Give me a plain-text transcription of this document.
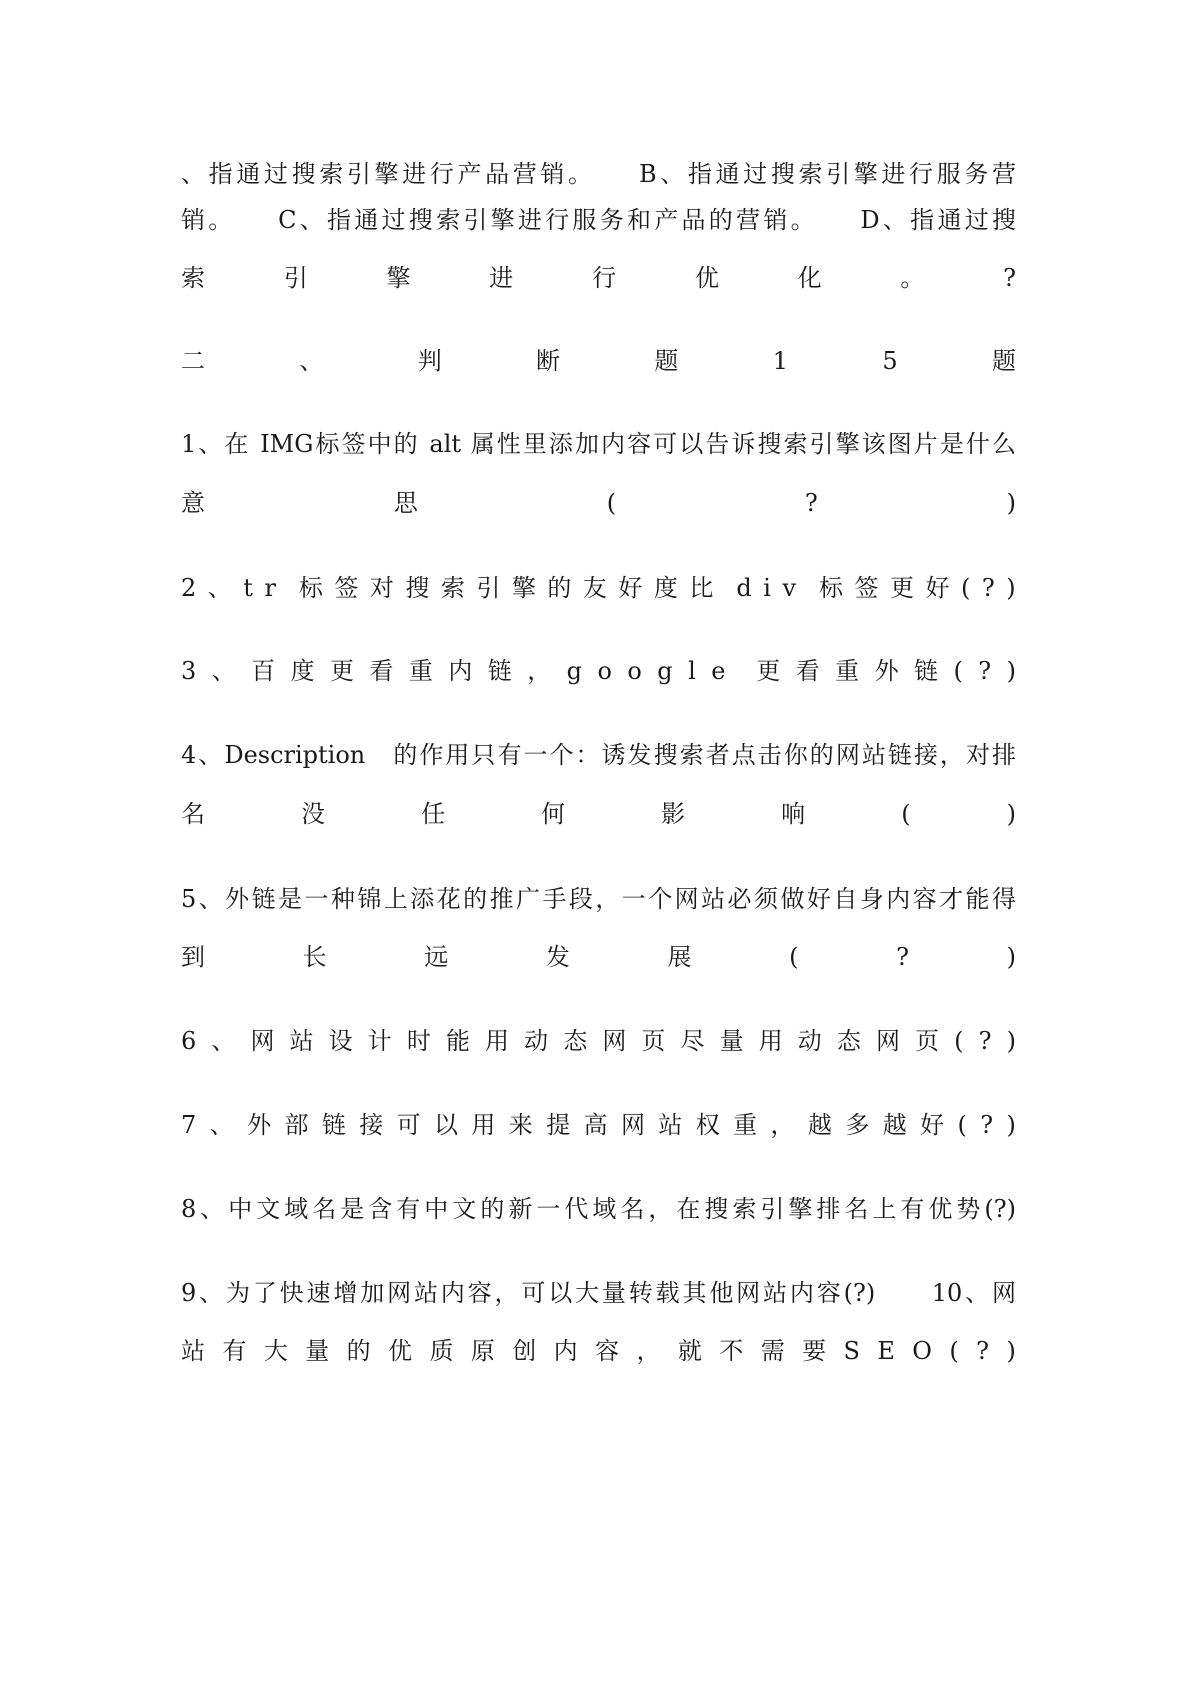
、指通过搜索引擎进行产品营销。　　B、指通过搜索引擎进行服务营
销。　　C、指通过搜索引擎进行服务和产品的营销。　　D、指通过搜
索	引	擎	进	行	优	化	。	?
二	、	判	断	题	1	5	题
1、在 IMG标签中的 alt 属性里添加内容可以告诉搜索引擎该图片是什么
意	思	(	?	)
2 、 t r 标 签 对 搜 索 引 擎 的 友 好 度 比 d i v 标 签 更 好 ( ? )
3 、 百 度 更 看 重 内 链 ， g o o g l e 更 看 重 外 链 ( ? )
4、Description　的作用只有一个：诱发搜索者点击你的网站链接，对排
名	没	任	何	影	响	(	)
5、外链是一种锦上添花的推广手段，一个网站必须做好自身内容才能得
到	长	远	发	展	(	?	)
6 、 网 站 设 计 时 能 用 动 态 网 页 尽 量 用 动 态 网 页 ( ? )
7 、 外 部 链 接 可 以 用 来 提 高 网 站 权 重 ， 越 多 越 好 ( ? )
8、中文域名是含有中文的新一代域名，在搜索引擎排名上有优势(?)
9、为了快速增加网站内容，可以大量转载其他网站内容(?)　　10、网
站 有 大 量 的 优 质 原 创 内 容 ， 就 不 需 要 S E O ( ? )
